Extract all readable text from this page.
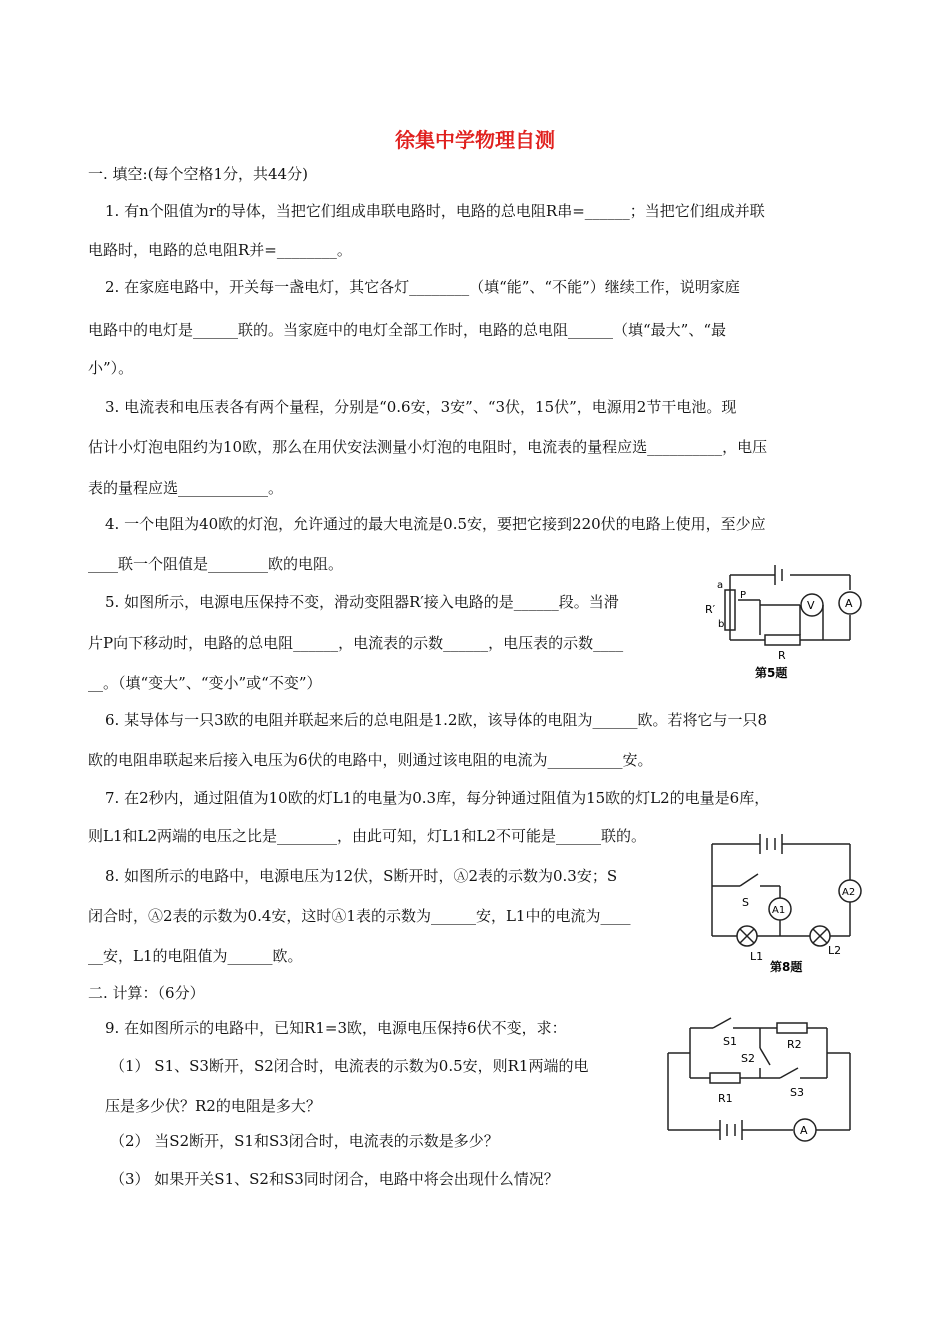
徐集中学物理自测
一. 填空:(每个空格1分，共44分)
1. 有n个阻值为r的导体，当把它们组成串联电路时，电路的总电阻R串=______；当把它们组成并联
电路时，电路的总电阻R并=________。
2. 在家庭电路中，开关每一盏电灯，其它各灯________（填“能”、“不能”）继续工作，说明家庭
电路中的电灯是______联的。当家庭中的电灯全部工作时，电路的总电阻______（填“最大”、“最
小”）。
3. 电流表和电压表各有两个量程，分别是“0.6安，3安”、“3伏，15伏”，电源用2节干电池。现
估计小灯泡电阻约为10欧，那么在用伏安法测量小灯泡的电阻时，电流表的量程应选__________，电压
表的量程应选____________。
4. 一个电阻为40欧的灯泡，允许通过的最大电流是0.5安，要把它接到220伏的电路上使用，至少应
____联一个阻值是________欧的电阻。
5. 如图所示，电源电压保持不变，滑动变阻器R′接入电路的是______段。当滑
片P向下移动时，电路的总电阻______，电流表的示数______，电压表的示数____
__。（填“变大”、“变小”或“不变”）
6. 某导体与一只3欧的电阻并联起来后的总电阻是1.2欧，该导体的电阻为______欧。若将它与一只8
欧的电阻串联起来后接入电压为6伏的电路中，则通过该电阻的电流为__________安。
7. 在2秒内，通过阻值为10欧的灯L1的电量为0.3库，每分钟通过阻值为15欧的灯L2的电量是6库，
则L1和L2两端的电压之比是________，由此可知，灯L1和L2不可能是______联的。
8. 如图所示的电路中，电源电压为12伏，S断开时，Ⓐ2表的示数为0.3安；S
闭合时，Ⓐ2表的示数为0.4安，这时Ⓐ1表的示数为______安，L1中的电流为____
__安，L1的电阻值为______欧。
二. 计算：（6分）
9. 在如图所示的电路中，已知R1=3欧，电源电压保持6伏不变，求：
（1） S1、S3断开，S2闭合时，电流表的示数为0.5安，则R1两端的电
压是多少伏？R2的电阻是多大？
（2） 当S2断开，S1和S3闭合时，电流表的示数是多少？
（3） 如果开关S1、S2和S3同时闭合，电路中将会出现什么情况？
a
R′
b
P
R
V	A
第5题
S
A1
A2
L1	L2
第8题
S1	R2
S2
R1	S3
A
